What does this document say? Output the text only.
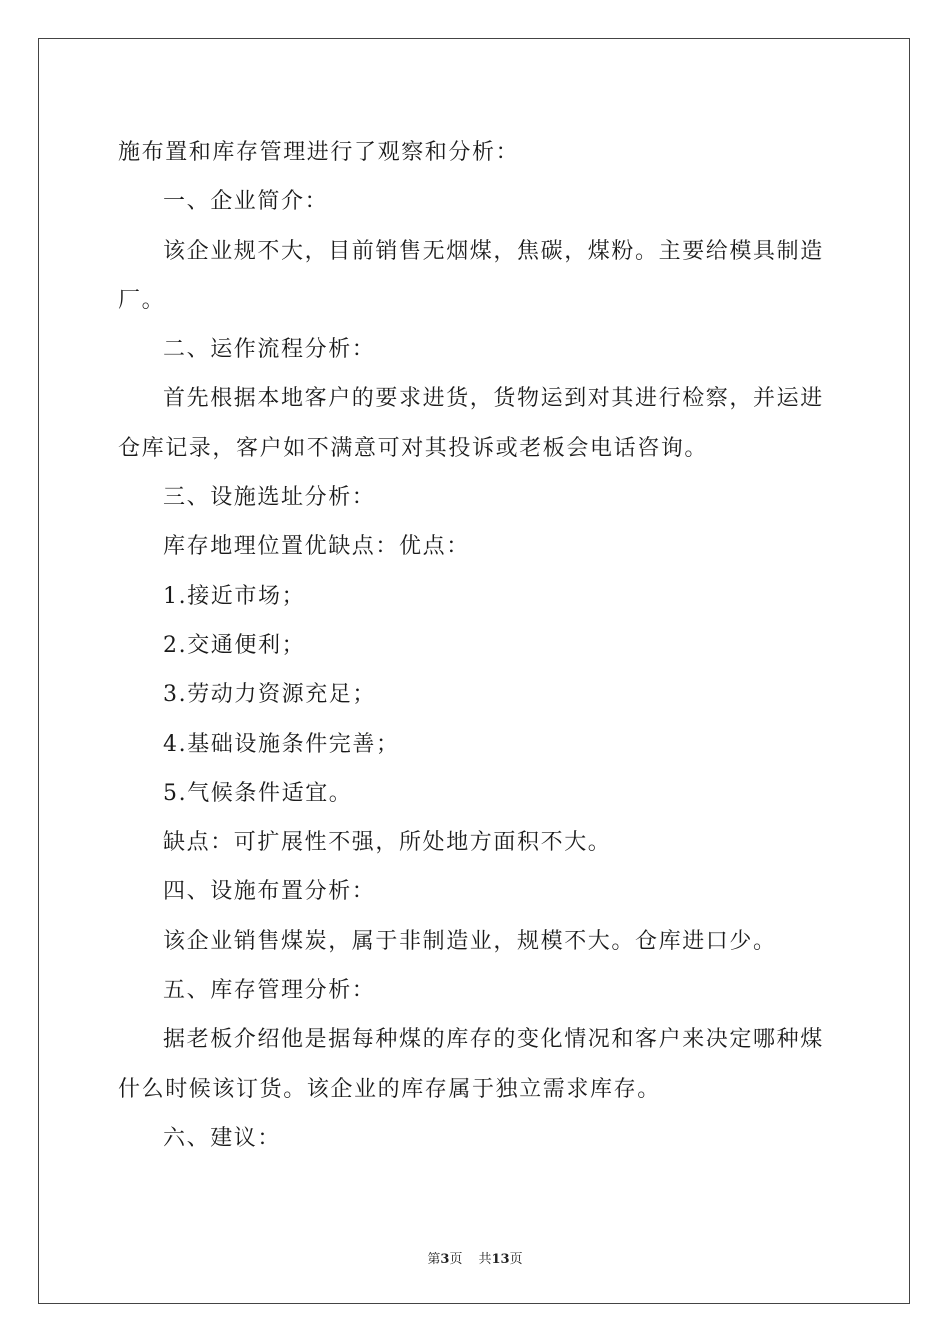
施布置和库存管理进行了观察和分析：
一、企业简介：
该企业规不大，目前销售无烟煤，焦碳，煤粉。主要给模具制造
厂。
二、运作流程分析：
首先根据本地客户的要求进货，货物运到对其进行检察，并运进
仓库记录，客户如不满意可对其投诉或老板会电话咨询。
三、设施选址分析：
库存地理位置优缺点：优点：
1.接近市场；
2.交通便利；
3.劳动力资源充足；
4.基础设施条件完善；
5.气候条件适宜。
缺点：可扩展性不强，所处地方面积不大。
四、设施布置分析：
该企业销售煤炭，属于非制造业，规模不大。仓库进口少。
五、库存管理分析：
据老板介绍他是据每种煤的库存的变化情况和客户来决定哪种煤
什么时候该订货。该企业的库存属于独立需求库存。
六、建议：
第3页 共13页
